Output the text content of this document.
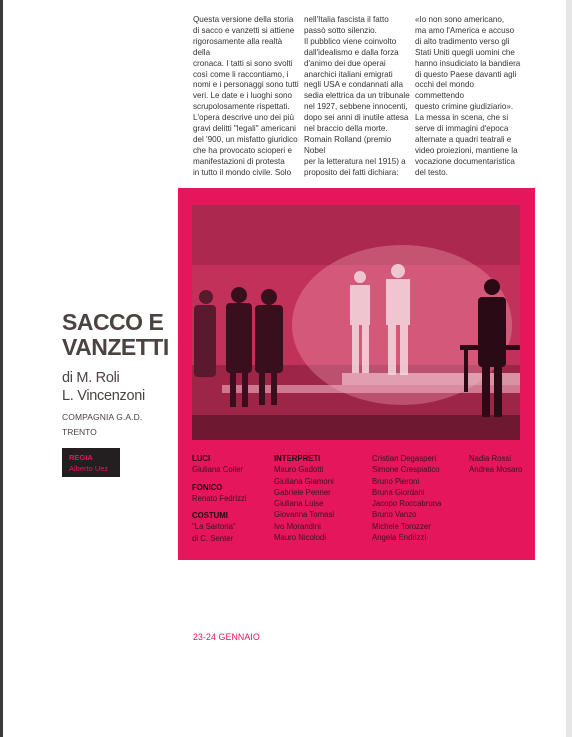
Questa versione della storia
di sacco e vanzetti si attiene
rigorosamente alla realtà della
cronaca. I tatti si sono svolti
così come li raccontiamo, i
nomi e i personaggi sono tutti
veri. Le date e i luoghi sono
scrupolosamente rispettati.
L'opera descrive uno dei più
gravi delitti "legali" americani
del '900, un misfatto giuridico
che ha provocato scioperi e
manifestazioni di protesta
in tutto il mondo civile. Solo
nell'Italia fascista il fatto
passò sotto silenzio.
Il pubblico viene coinvolto
dall'idealismo e dalla forza
d'animo dei due operai
anarchici italiani emigrati
negli USA e condannati alla
sedia elettrica da un tribunale
nel 1927, sebbene innocenti,
dopo sei anni di inutile attesa
nel braccio della morte.
Romain Rolland (premio Nobel
per la letteratura nel 1915) a
proposito dei fatti dichiara:
«Io non sono americano,
ma amo l'America e accuso
di alto tradimento verso gli
Stati Uniti quegli uomini che
hanno insudiciato la bandiera
di questo Paese davanti agli
occhi del mondo commettendo
questo crimine giudiziario».
La messa in scena, che si
serve di immagini d'epoca
alternate a quadri teatrali e
video proiezioni, mantiene la
vocazione documentaristica
del testo.
SACCO E
VANZETTI
di M. Roli
L. Vincenzoni
COMPAGNIA G.A.D.
TRENTO
REGIA
Alberto Uez
LUCI
Giuliana Coller
FONICO
Renato Fedrizzi
COSTUMI
"La Sartoria"
di C. Senter
INTERPRETI
Mauro Gadotti
Giuliana Giamoni
Gabriele Penner
Giuliana Luise
Giovanna Tomasi
Ivo Morandini
Mauro Nicolodi
Cristian Degasperi
Simone Crespiatico
Bruno Pieroni
Bruna Giordani
Jacopo Roccabruna
Bruno Vanzo
Michele Torozzer
Angela Endrizzi
Nadia Rossi
Andrea Mosaro
23-24 GENNAIO
